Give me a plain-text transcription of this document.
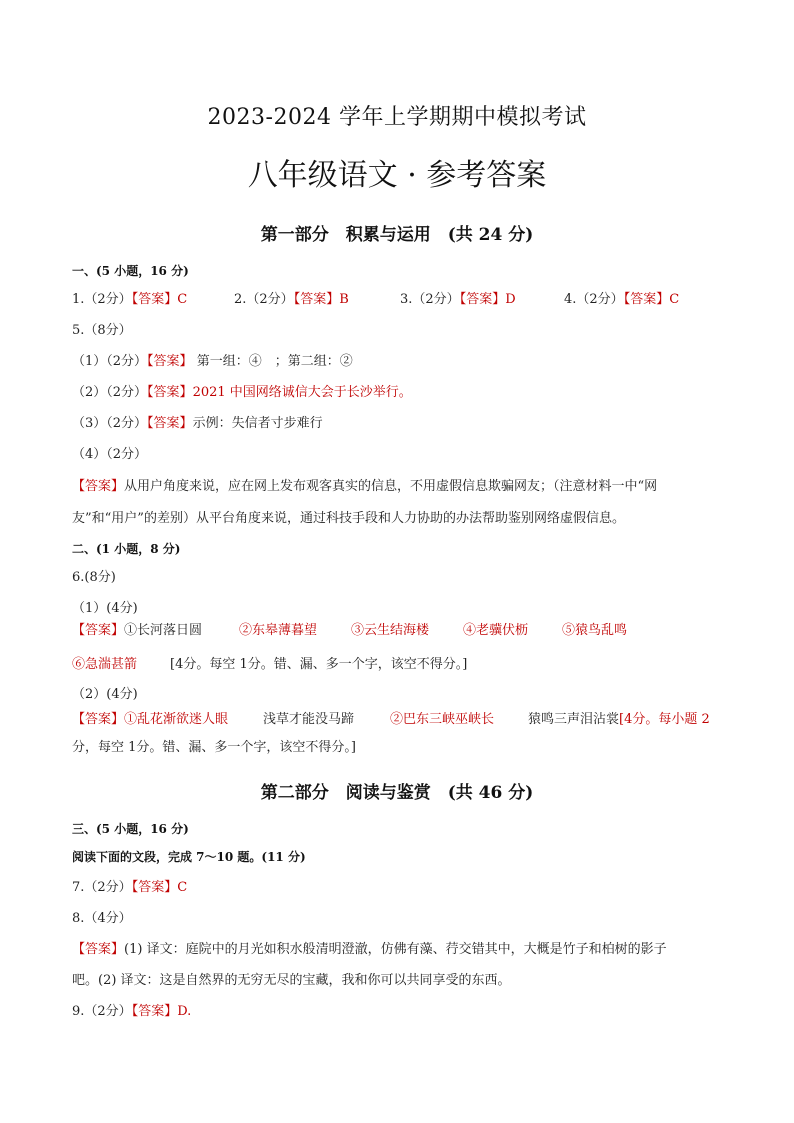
2023-2024 学年上学期期中模拟考试
八年级语文 · 参考答案
第一部分　积累与运用　(共 24 分)
一、(5 小题，16 分)
1.（2分）【答案】C	2.（2分）【答案】B	3.（2分）【答案】D	4.（2分）【答案】C
5.（8分）
（1）（2分）【答案】 第一组：④　；第二组：②
（2）（2分）【答案】2021 中国网络诚信大会于长沙举行。
（3）（2分）【答案】示例：失信者寸步难行
（4）（2分）
【答案】从用户角度来说，应在网上发布观客真实的信息，不用虚假信息欺骗网友；（注意材料一中“网
友”和“用户”的差别）从平台角度来说，通过科技手段和人力协助的办法帮助鉴别网络虚假信息。
二、(1 小题，8 分)
6.(8分)
（1）(4分)
【答案】①长河落日圆	②东皋薄暮望	③云生结海楼	④老骥伏枥	⑤猿鸟乱鸣
⑥急湍甚箭	[4分。每空 1分。错、漏、多一个字，该空不得分。]
（2）(4分)
【答案】①乱花渐欲迷人眼	浅草才能没马蹄	②巴东三峡巫峡长	猿鸣三声泪沾裳[4分。每小题 2
分，每空 1分。错、漏、多一个字，该空不得分。]
第二部分　阅读与鉴赏　(共 46 分)
三、(5 小题，16 分)
阅读下面的文段，完成 7～10 题。(11 分)
7.（2分）【答案】C
8.（4分）
【答案】(1) 译文：庭院中的月光如积水般清明澄澈，仿佛有藻、荇交错其中，大概是竹子和柏树的影子
吧。(2) 译文：这是自然界的无穷无尽的宝藏，我和你可以共同享受的东西。
9.（2分）【答案】D.
